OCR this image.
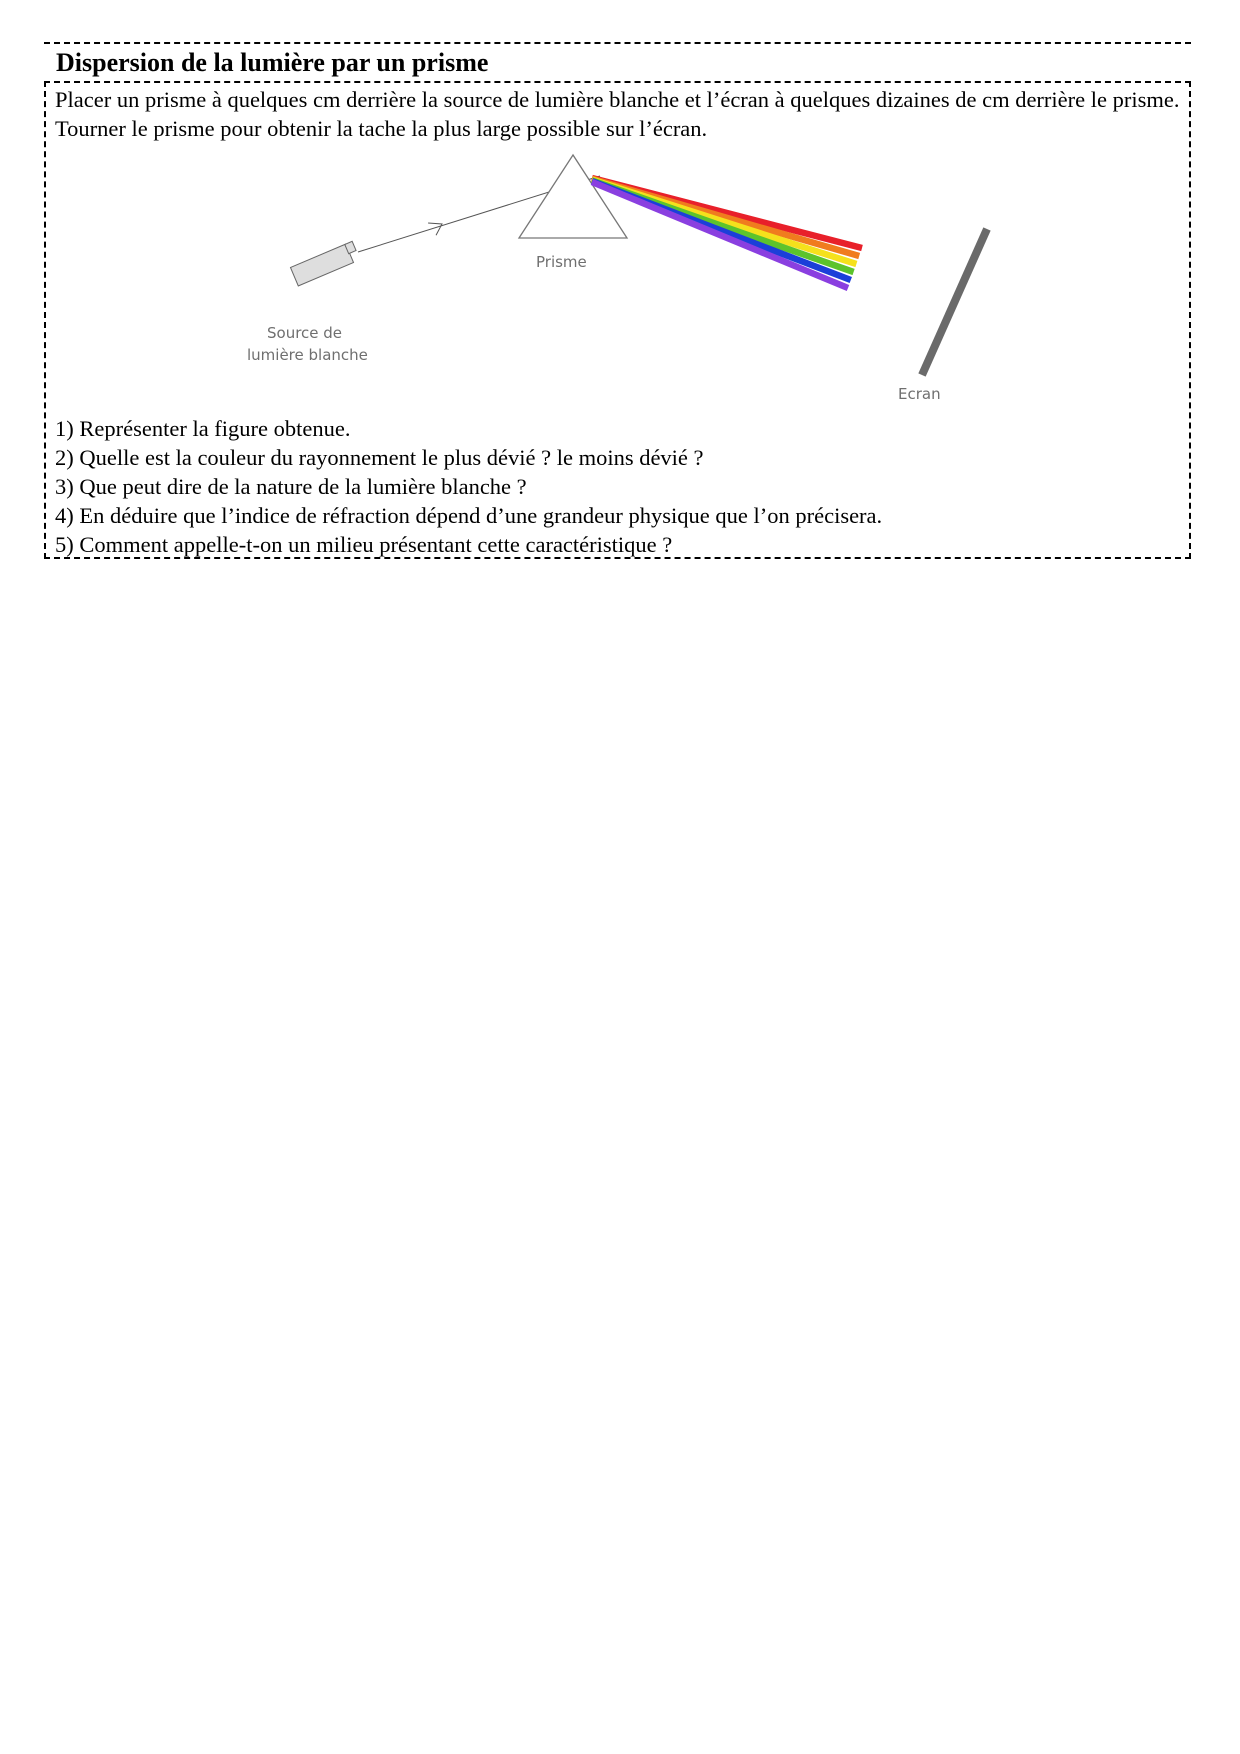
Dispersion de la lumière par un prisme

Placer un prisme à quelques cm derrière la source de lumière blanche et l’écran à quelques dizaines de cm derrière le prisme. Tourner le prisme pour obtenir la tache la plus large possible sur l’écran.

Prisme
Source de
lumière blanche
Ecran
1) Représenter la figure obtenue.
2) Quelle est la couleur du rayonnement le plus dévié ? le moins dévié ?
3) Que peut dire de la nature de la lumière blanche ?
4) En déduire que l’indice de réfraction dépend d’une grandeur physique que l’on précisera.
5) Comment appelle-t-on un milieu présentant cette caractéristique ?
